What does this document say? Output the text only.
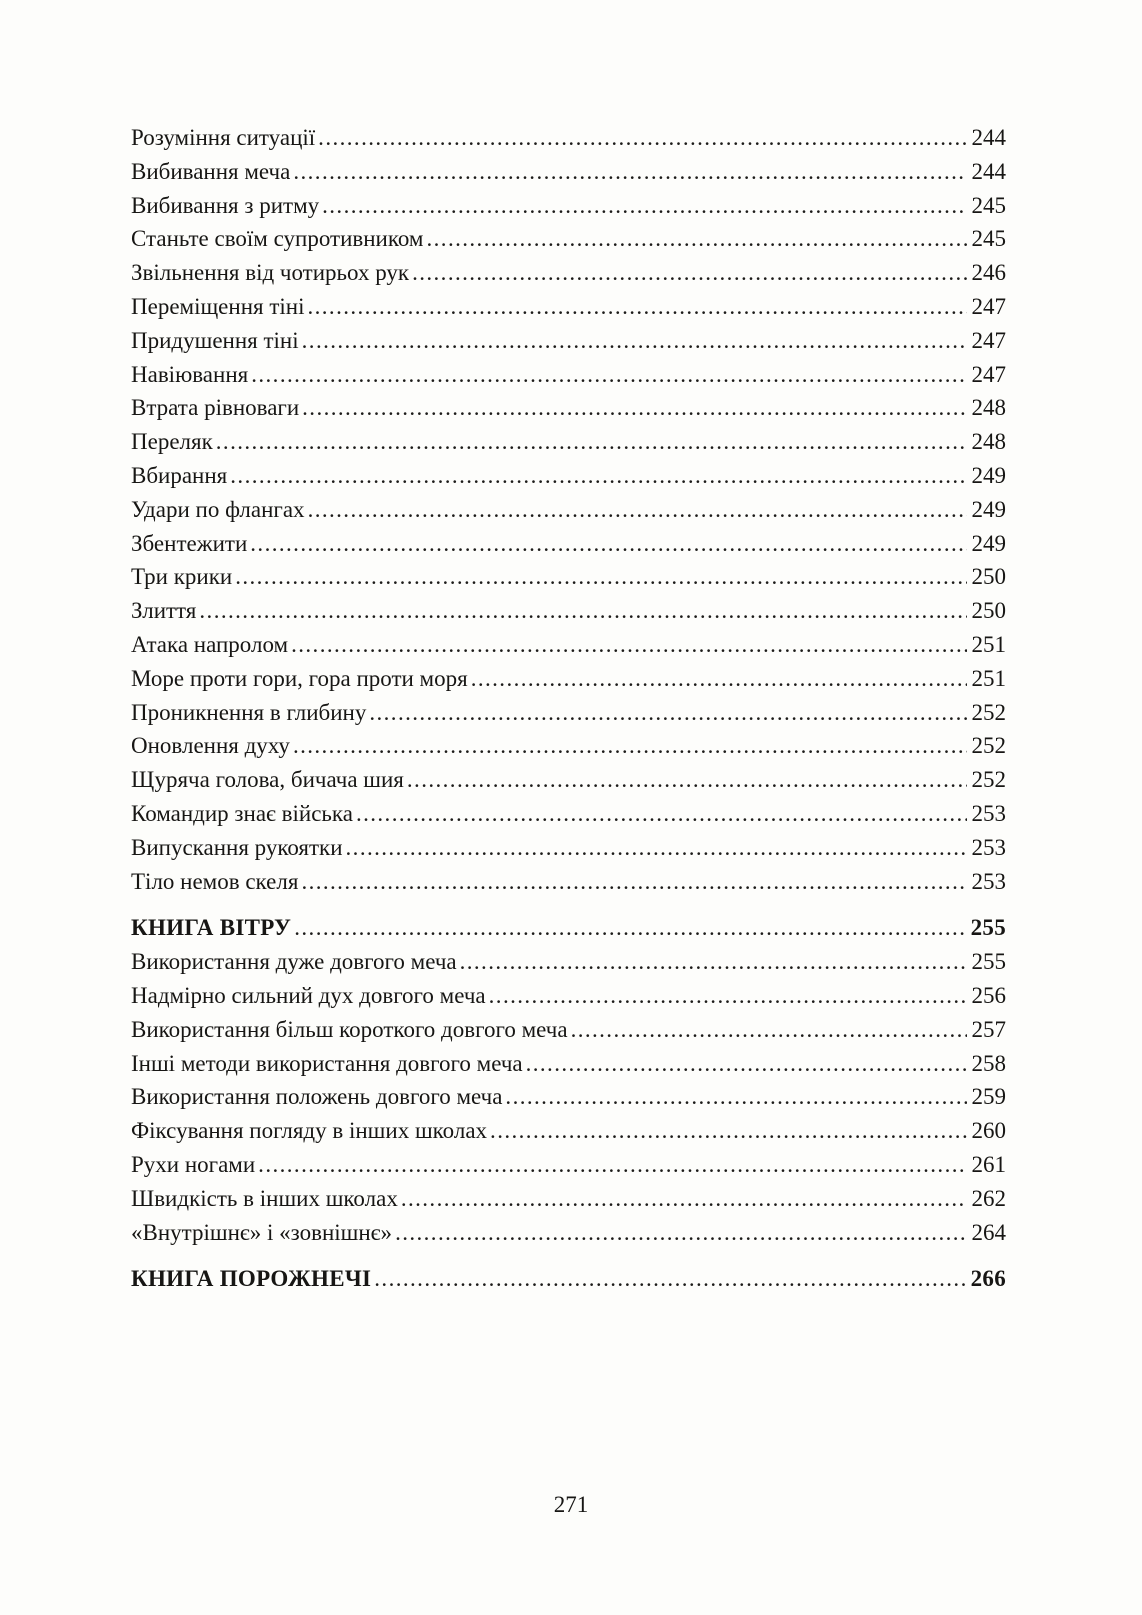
Розуміння ситуації .....	244
Вибивання меча .....	244
Вибивання з ритму .....	245
Станьте своїм супротивником .....	245
Звільнення від чотирьох рук .....	246
Переміщення тіні .....	247
Придушення тіні .....	247
Навіювання .....	247
Втрата рівноваги .....	248
Переляк .....	248
Вбирання .....	249
Удари по флангах .....	249
Збентежити .....	249
Три крики .....	250
Злиття .....	250
Атака напролом .....	251
Море проти гори, гора проти моря .....	251
Проникнення в глибину .....	252
Оновлення духу .....	252
Щуряча голова, бичача шия .....	252
Командир знає війська .....	253
Випускання рукоятки .....	253
Тіло немов скеля .....	253
КНИГА ВІТРУ .....	255
Використання дуже довгого меча .....	255
Надмірно сильний дух довгого меча .....	256
Використання більш короткого довгого меча .....	257
Інші методи використання довгого меча .....	258
Використання положень довгого меча .....	259
Фіксування погляду в інших школах .....	260
Рухи ногами .....	261
Швидкість в інших школах .....	262
«Внутрішнє» і «зовнішнє» .....	264
КНИГА ПОРОЖНЕЧІ .....	266
271
